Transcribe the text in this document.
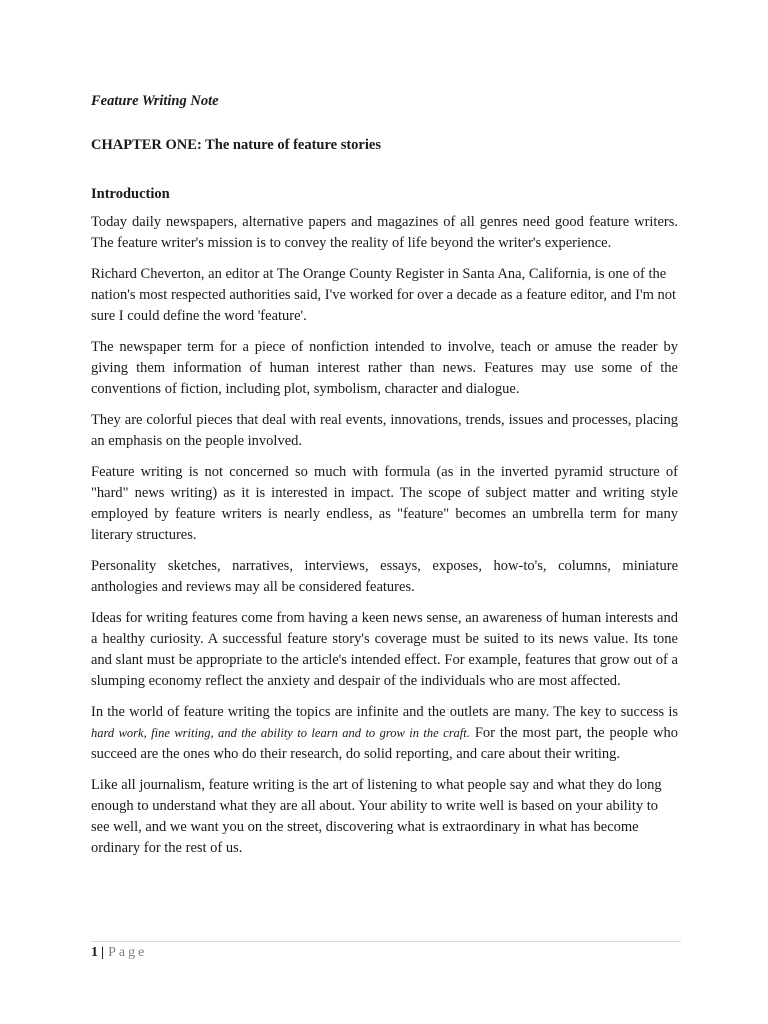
Feature Writing Note
CHAPTER ONE: The nature of feature stories
Introduction

Today daily newspapers, alternative papers and magazines of all genres need good feature writers. The feature writer's mission is to convey the reality of life beyond the writer's experience.

Richard Cheverton, an editor at The Orange County Register in Santa Ana, California, is one of the nation's most respected authorities said, I've worked for over a decade as a feature editor, and I'm not sure I could define the word 'feature'.

The newspaper term for a piece of nonfiction intended to involve, teach or amuse the reader by giving them information of human interest rather than news. Features may use some of the conventions of fiction, including plot, symbolism, character and dialogue.

They are colorful pieces that deal with real events, innovations, trends, issues and processes, placing an emphasis on the people involved.

Feature writing is not concerned so much with formula (as in the inverted pyramid structure of "hard" news writing) as it is interested in impact. The scope of subject matter and writing style employed by feature writers is nearly endless, as "feature" becomes an umbrella term for many literary structures.

Personality sketches, narratives, interviews, essays, exposes, how-to's, columns, miniature anthologies and reviews may all be considered features.

Ideas for writing features come from having a keen news sense, an awareness of human interests and a healthy curiosity. A successful feature story's coverage must be suited to its news value. Its tone and slant must be appropriate to the article's intended effect. For example, features that grow out of a slumping economy reflect the anxiety and despair of the individuals who are most affected.

In the world of feature writing the topics are infinite and the outlets are many. The key to success is hard work, fine writing, and the ability to learn and to grow in the craft. For the most part, the people who succeed are the ones who do their research, do solid reporting, and care about their writing.

Like all journalism, feature writing is the art of listening to what people say and what they do long enough to understand what they are all about. Your ability to write well is based on your ability to see well, and we want you on the street, discovering what is extraordinary in what has become ordinary for the rest of us.

1 | Page
